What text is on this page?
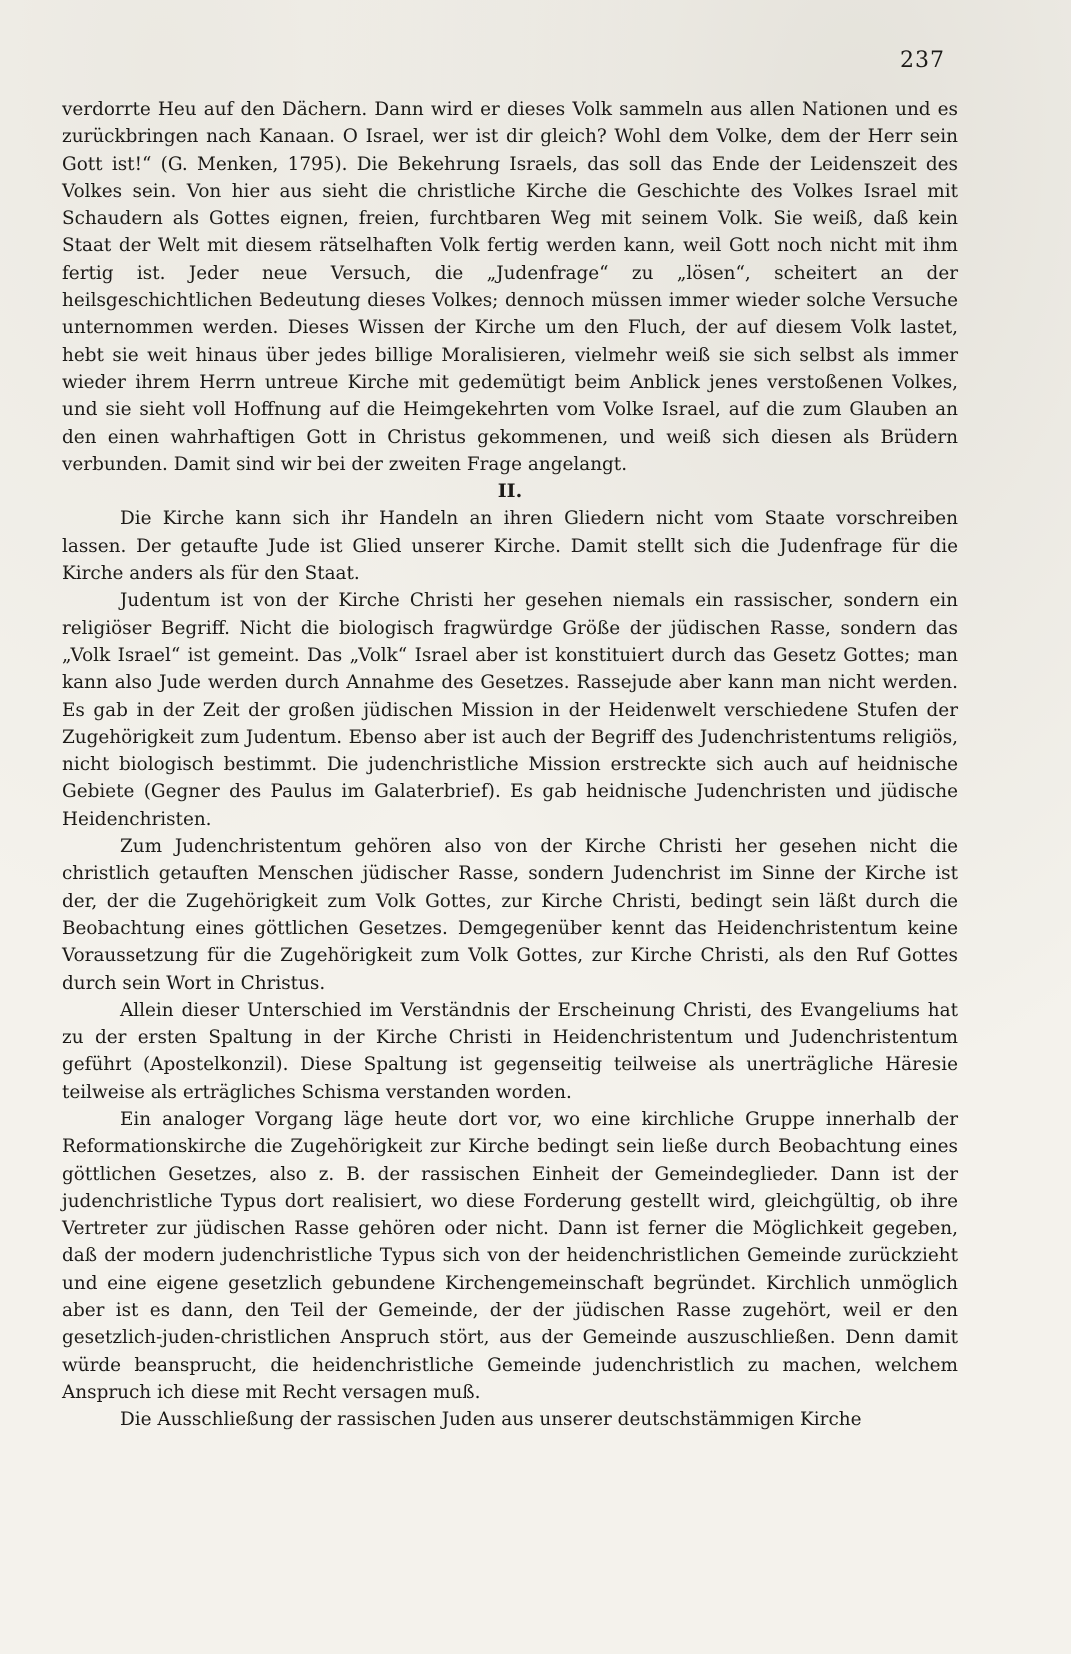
237

verdorrte Heu auf den Dächern. Dann wird er dieses Volk sammeln aus allen Nationen und es zurückbringen nach Kanaan. O Israel, wer ist dir gleich? Wohl dem Volke, dem der Herr sein Gott ist!“ (G. Menken, 1795). Die Bekehrung Israels, das soll das Ende der Leidenszeit des Volkes sein. Von hier aus sieht die christliche Kirche die Geschichte des Volkes Israel mit Schaudern als Gottes eignen, freien, furchtbaren Weg mit seinem Volk. Sie weiß, daß kein Staat der Welt mit diesem rätselhaften Volk fertig werden kann, weil Gott noch nicht mit ihm fertig ist. Jeder neue Versuch, die „Judenfrage“ zu „lösen“, scheitert an der heilsgeschichtlichen Bedeutung dieses Volkes; dennoch müssen immer wieder solche Versuche unternommen werden. Dieses Wissen der Kirche um den Fluch, der auf diesem Volk lastet, hebt sie weit hinaus über jedes billige Moralisieren, vielmehr weiß sie sich selbst als immer wieder ihrem Herrn untreue Kirche mit gedemütigt beim Anblick jenes verstoßenen Volkes, und sie sieht voll Hoffnung auf die Heimgekehrten vom Volke Israel, auf die zum Glauben an den einen wahrhaftigen Gott in Christus gekommenen, und weiß sich diesen als Brüdern verbunden. Damit sind wir bei der zweiten Frage angelangt.

II.

Die Kirche kann sich ihr Handeln an ihren Gliedern nicht vom Staate vorschreiben lassen. Der getaufte Jude ist Glied unserer Kirche. Damit stellt sich die Judenfrage für die Kirche anders als für den Staat.

Judentum ist von der Kirche Christi her gesehen niemals ein rassischer, sondern ein religiöser Begriff. Nicht die biologisch fragwürdge Größe der jüdischen Rasse, sondern das „Volk Israel“ ist gemeint. Das „Volk“ Israel aber ist konstituiert durch das Gesetz Gottes; man kann also Jude werden durch Annahme des Gesetzes. Rassejude aber kann man nicht werden. Es gab in der Zeit der großen jüdischen Mission in der Heidenwelt verschiedene Stufen der Zugehörigkeit zum Judentum. Ebenso aber ist auch der Begriff des Judenchristentums religiös, nicht biologisch bestimmt. Die judenchristliche Mission erstreckte sich auch auf heidnische Gebiete (Gegner des Paulus im Galaterbrief). Es gab heidnische Judenchristen und jüdische Heidenchristen.

Zum Judenchristentum gehören also von der Kirche Christi her gesehen nicht die christlich getauften Menschen jüdischer Rasse, sondern Judenchrist im Sinne der Kirche ist der, der die Zugehörigkeit zum Volk Gottes, zur Kirche Christi, bedingt sein läßt durch die Beobachtung eines göttlichen Gesetzes. Demgegenüber kennt das Heidenchristentum keine Voraussetzung für die Zugehörigkeit zum Volk Gottes, zur Kirche Christi, als den Ruf Gottes durch sein Wort in Christus.

Allein dieser Unterschied im Verständnis der Erscheinung Christi, des Evangeliums hat zu der ersten Spaltung in der Kirche Christi in Heidenchristentum und Judenchristentum geführt (Apostelkonzil). Diese Spaltung ist gegenseitig teilweise als unerträgliche Häresie teilweise als erträgliches Schisma verstanden worden.

Ein analoger Vorgang läge heute dort vor, wo eine kirchliche Gruppe innerhalb der Reformationskirche die Zugehörigkeit zur Kirche bedingt sein ließe durch Beobachtung eines göttlichen Gesetzes, also z. B. der rassischen Einheit der Gemeindeglieder. Dann ist der judenchristliche Typus dort realisiert, wo diese Forderung gestellt wird, gleichgültig, ob ihre Vertreter zur jüdischen Rasse gehören oder nicht. Dann ist ferner die Möglichkeit gegeben, daß der modern judenchristliche Typus sich von der heidenchristlichen Gemeinde zurückzieht und eine eigene gesetzlich gebundene Kirchengemeinschaft begründet. Kirchlich unmöglich aber ist es dann, den Teil der Gemeinde, der der jüdischen Rasse zugehört, weil er den gesetzlich-juden-christlichen Anspruch stört, aus der Gemeinde auszuschließen. Denn damit würde beansprucht, die heidenchristliche Gemeinde judenchristlich zu machen, welchem Anspruch ich diese mit Recht versagen muß.

Die Ausschließung der rassischen Juden aus unserer deutschstämmigen Kirche
